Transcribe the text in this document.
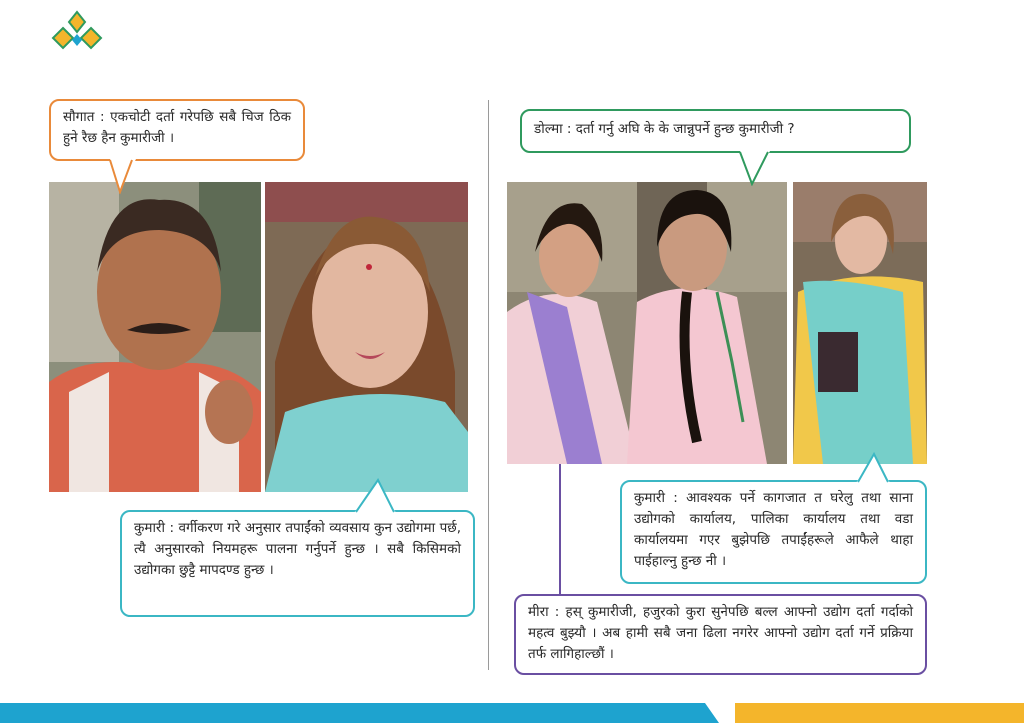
सौगात : एकचोटी दर्ता गरेपछि सबै चिज ठिक हुने रैछ हैन कुमारीजी ।
कुमारी : वर्गीकरण गरे अनुसार तपाईंको व्यवसाय कुन उद्योगमा पर्छ, त्यै अनुसारको नियमहरू पालना गर्नुपर्ने हुन्छ । सबै किसिमको उद्योगका छुट्टै मापदण्ड हुन्छ ।
डोल्मा : दर्ता गर्नु अघि के के जान्नुपर्ने हुन्छ कुमारीजी ?
कुमारी : आवश्यक पर्ने कागजात त घरेलु तथा साना उद्योगको कार्यालय, पालिका कार्यालय तथा वडा कार्यालयमा गएर बुझेपछि तपाईंहरूले आफैले थाहा पाईहाल्नु हुन्छ नी ।
मीरा : हस् कुमारीजी, हजुरको कुरा सुनेपछि बल्ल आफ्नो उद्योग दर्ता गर्दाको महत्व बुझ्यौ । अब हामी सबै जना ढिला नगरेर आफ्नो उद्योग दर्ता गर्ने प्रक्रिया तर्फ लागिहाल्छौं ।
